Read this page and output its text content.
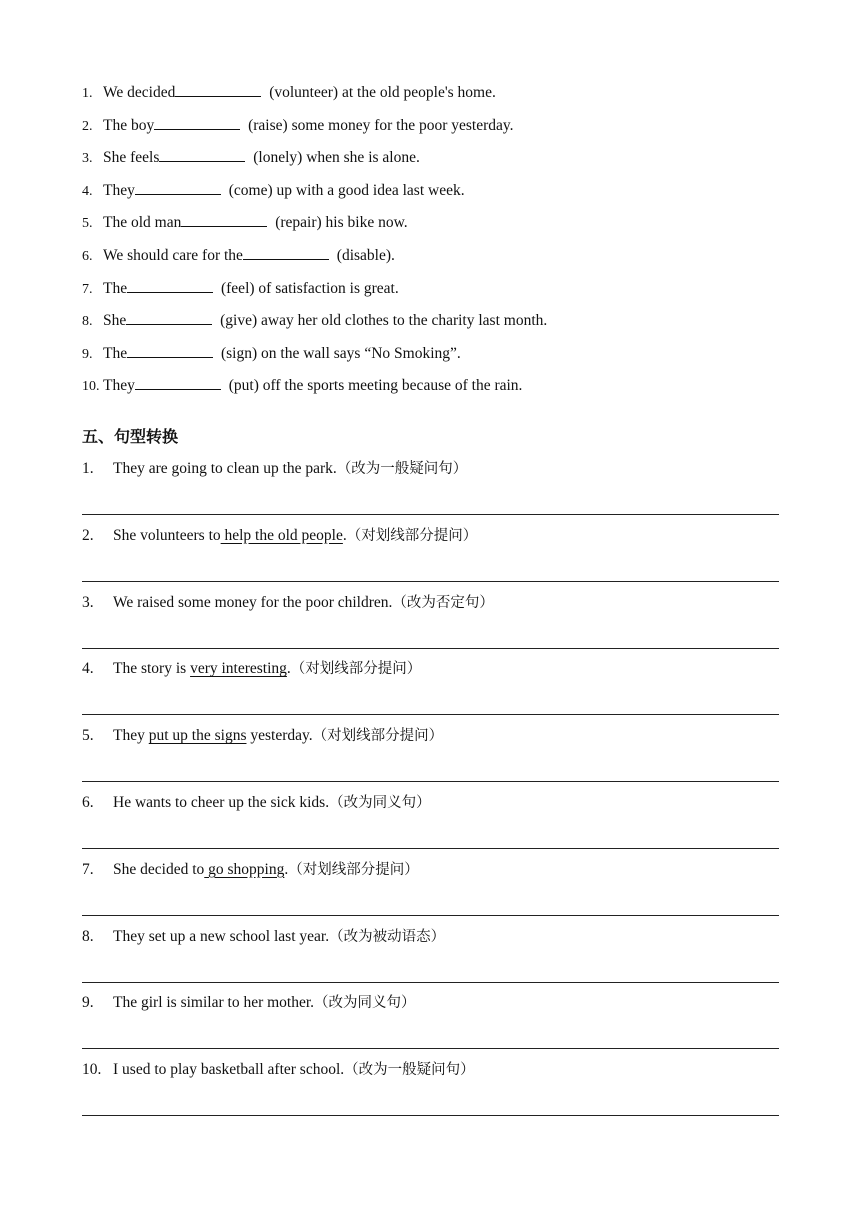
1. We decided	(volunteer) at the old people's home.
2. The boy	(raise) some money for the poor yesterday.
3. She feels	(lonely) when she is alone.
4. They	(come) up with a good idea last week.
5. The old man	(repair) his bike now.
6. We should care for the	(disable).
7. The	(feel) of satisfaction is great.
8. She	(give) away her old clothes to the charity last month.
9. The	(sign) on the wall says “No Smoking”.
10. They	(put) off the sports meeting because of the rain.
五、句型转换
1. They are going to clean up the park.（改为一般疑问句）
2. She volunteers to help the old people.（对划线部分提问）
3. We raised some money for the poor children.（改为否定句）
4. The story is very interesting.（对划线部分提问）
5. They put up the signs yesterday.（对划线部分提问）
6. He wants to cheer up the sick kids.（改为同义句）
7. She decided to go shopping.（对划线部分提问）
8. They set up a new school last year.（改为被动语态）
9. The girl is similar to her mother.（改为同义句）
10. I used to play basketball after school.（改为一般疑问句）
